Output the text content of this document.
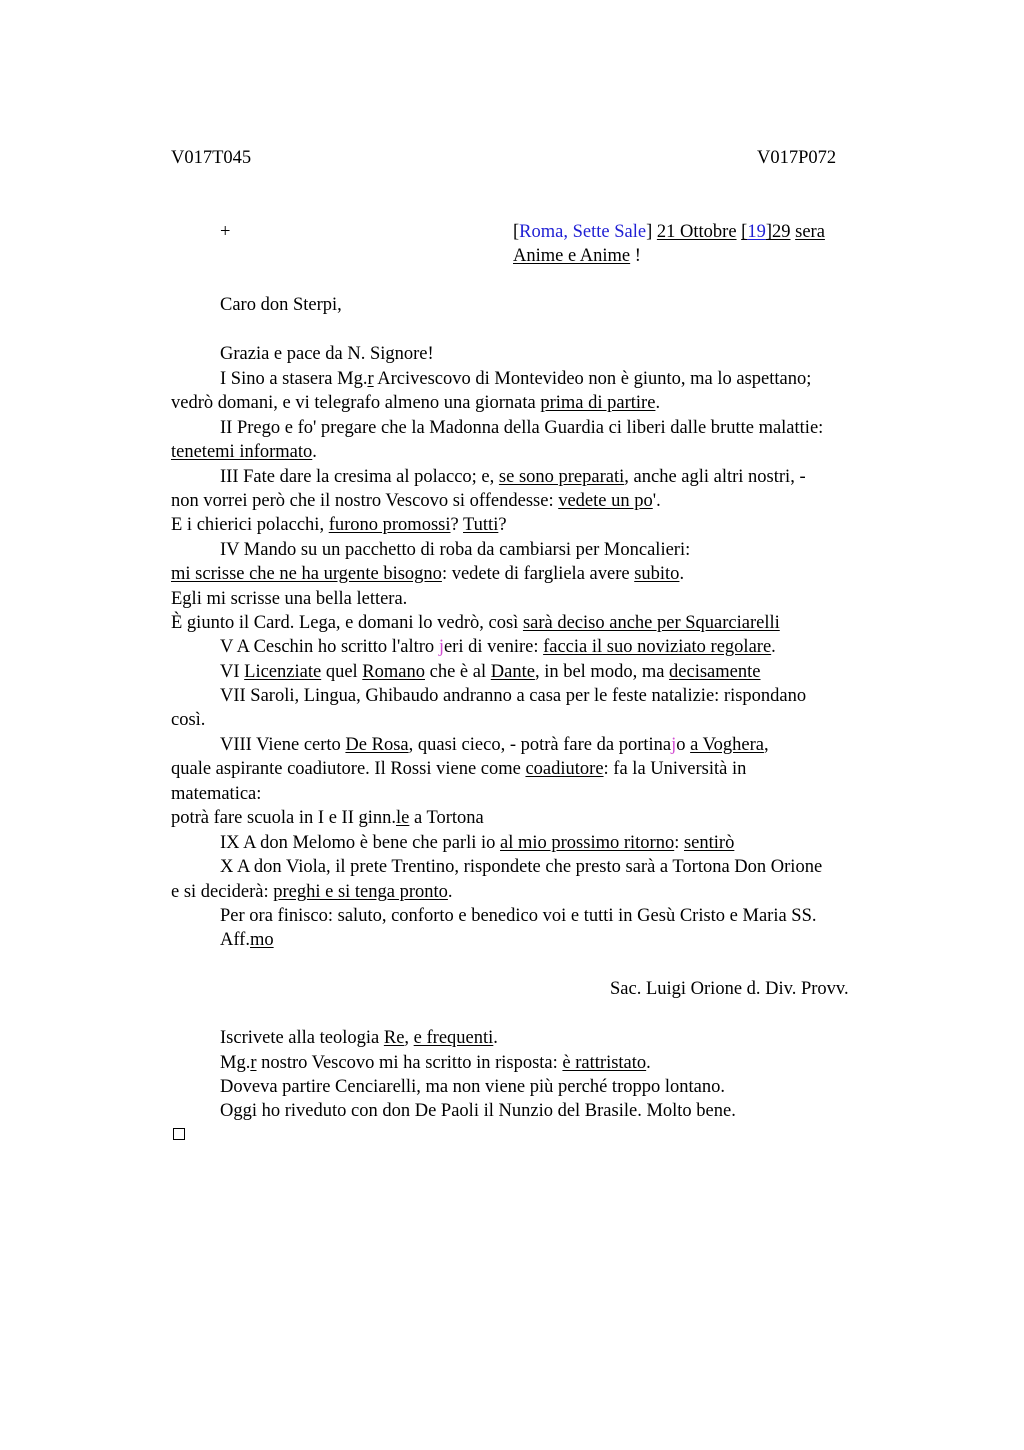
V017T045	V017P072
+	[Roma, Sette Sale] 21 Ottobre [19]29 sera
Anime e Anime !
Caro don Sterpi,
Grazia e pace da N. Signore!
I Sino a stasera Mg.r Arcivescovo di Montevideo non è giunto, ma lo aspettano;
vedrò domani, e vi telegrafo almeno una giornata prima di partire.
II Prego e fo' pregare che la Madonna della Guardia ci liberi dalle brutte malattie:
tenetemi informato.
III Fate dare la cresima al polacco; e, se sono preparati, anche agli altri nostri, -
non vorrei però che il nostro Vescovo si offendesse: vedete un po'.
E i chierici polacchi, furono promossi? Tutti?
IV Mando su un pacchetto di roba da cambiarsi per Moncalieri:
mi scrisse che ne ha urgente bisogno: vedete di fargliela avere subito.
Egli mi scrisse una bella lettera.
È giunto il Card. Lega, e domani lo vedrò, così sarà deciso anche per Squarciarelli
V A Ceschin ho scritto l'altro jeri di venire: faccia il suo noviziato regolare.
VI Licenziate quel Romano che è al Dante, in bel modo, ma decisamente
VII Saroli, Lingua, Ghibaudo andranno a casa per le feste natalizie: rispondano
così.
VIII Viene certo De Rosa, quasi cieco, - potrà fare da portinajo a Voghera,
quale aspirante coadiutore. Il Rossi viene come coadiutore: fa la Università in
matematica:
potrà fare scuola in I e II ginn.le a Tortona
IX A don Melomo è bene che parli io al mio prossimo ritorno: sentirò
X A don Viola, il prete Trentino, rispondete che presto sarà a Tortona Don Orione
e si deciderà: preghi e si tenga pronto.
Per ora finisco: saluto, conforto e benedico voi e tutti in Gesù Cristo e Maria SS.
Aff.mo
Sac. Luigi Orione d. Div. Provv.
Iscrivete alla teologia Re, e frequenti.
Mg.r nostro Vescovo mi ha scritto in risposta: è rattristato.
Doveva partire Cenciarelli, ma non viene più perché troppo lontano.
Oggi ho riveduto con don De Paoli il Nunzio del Brasile. Molto bene.
